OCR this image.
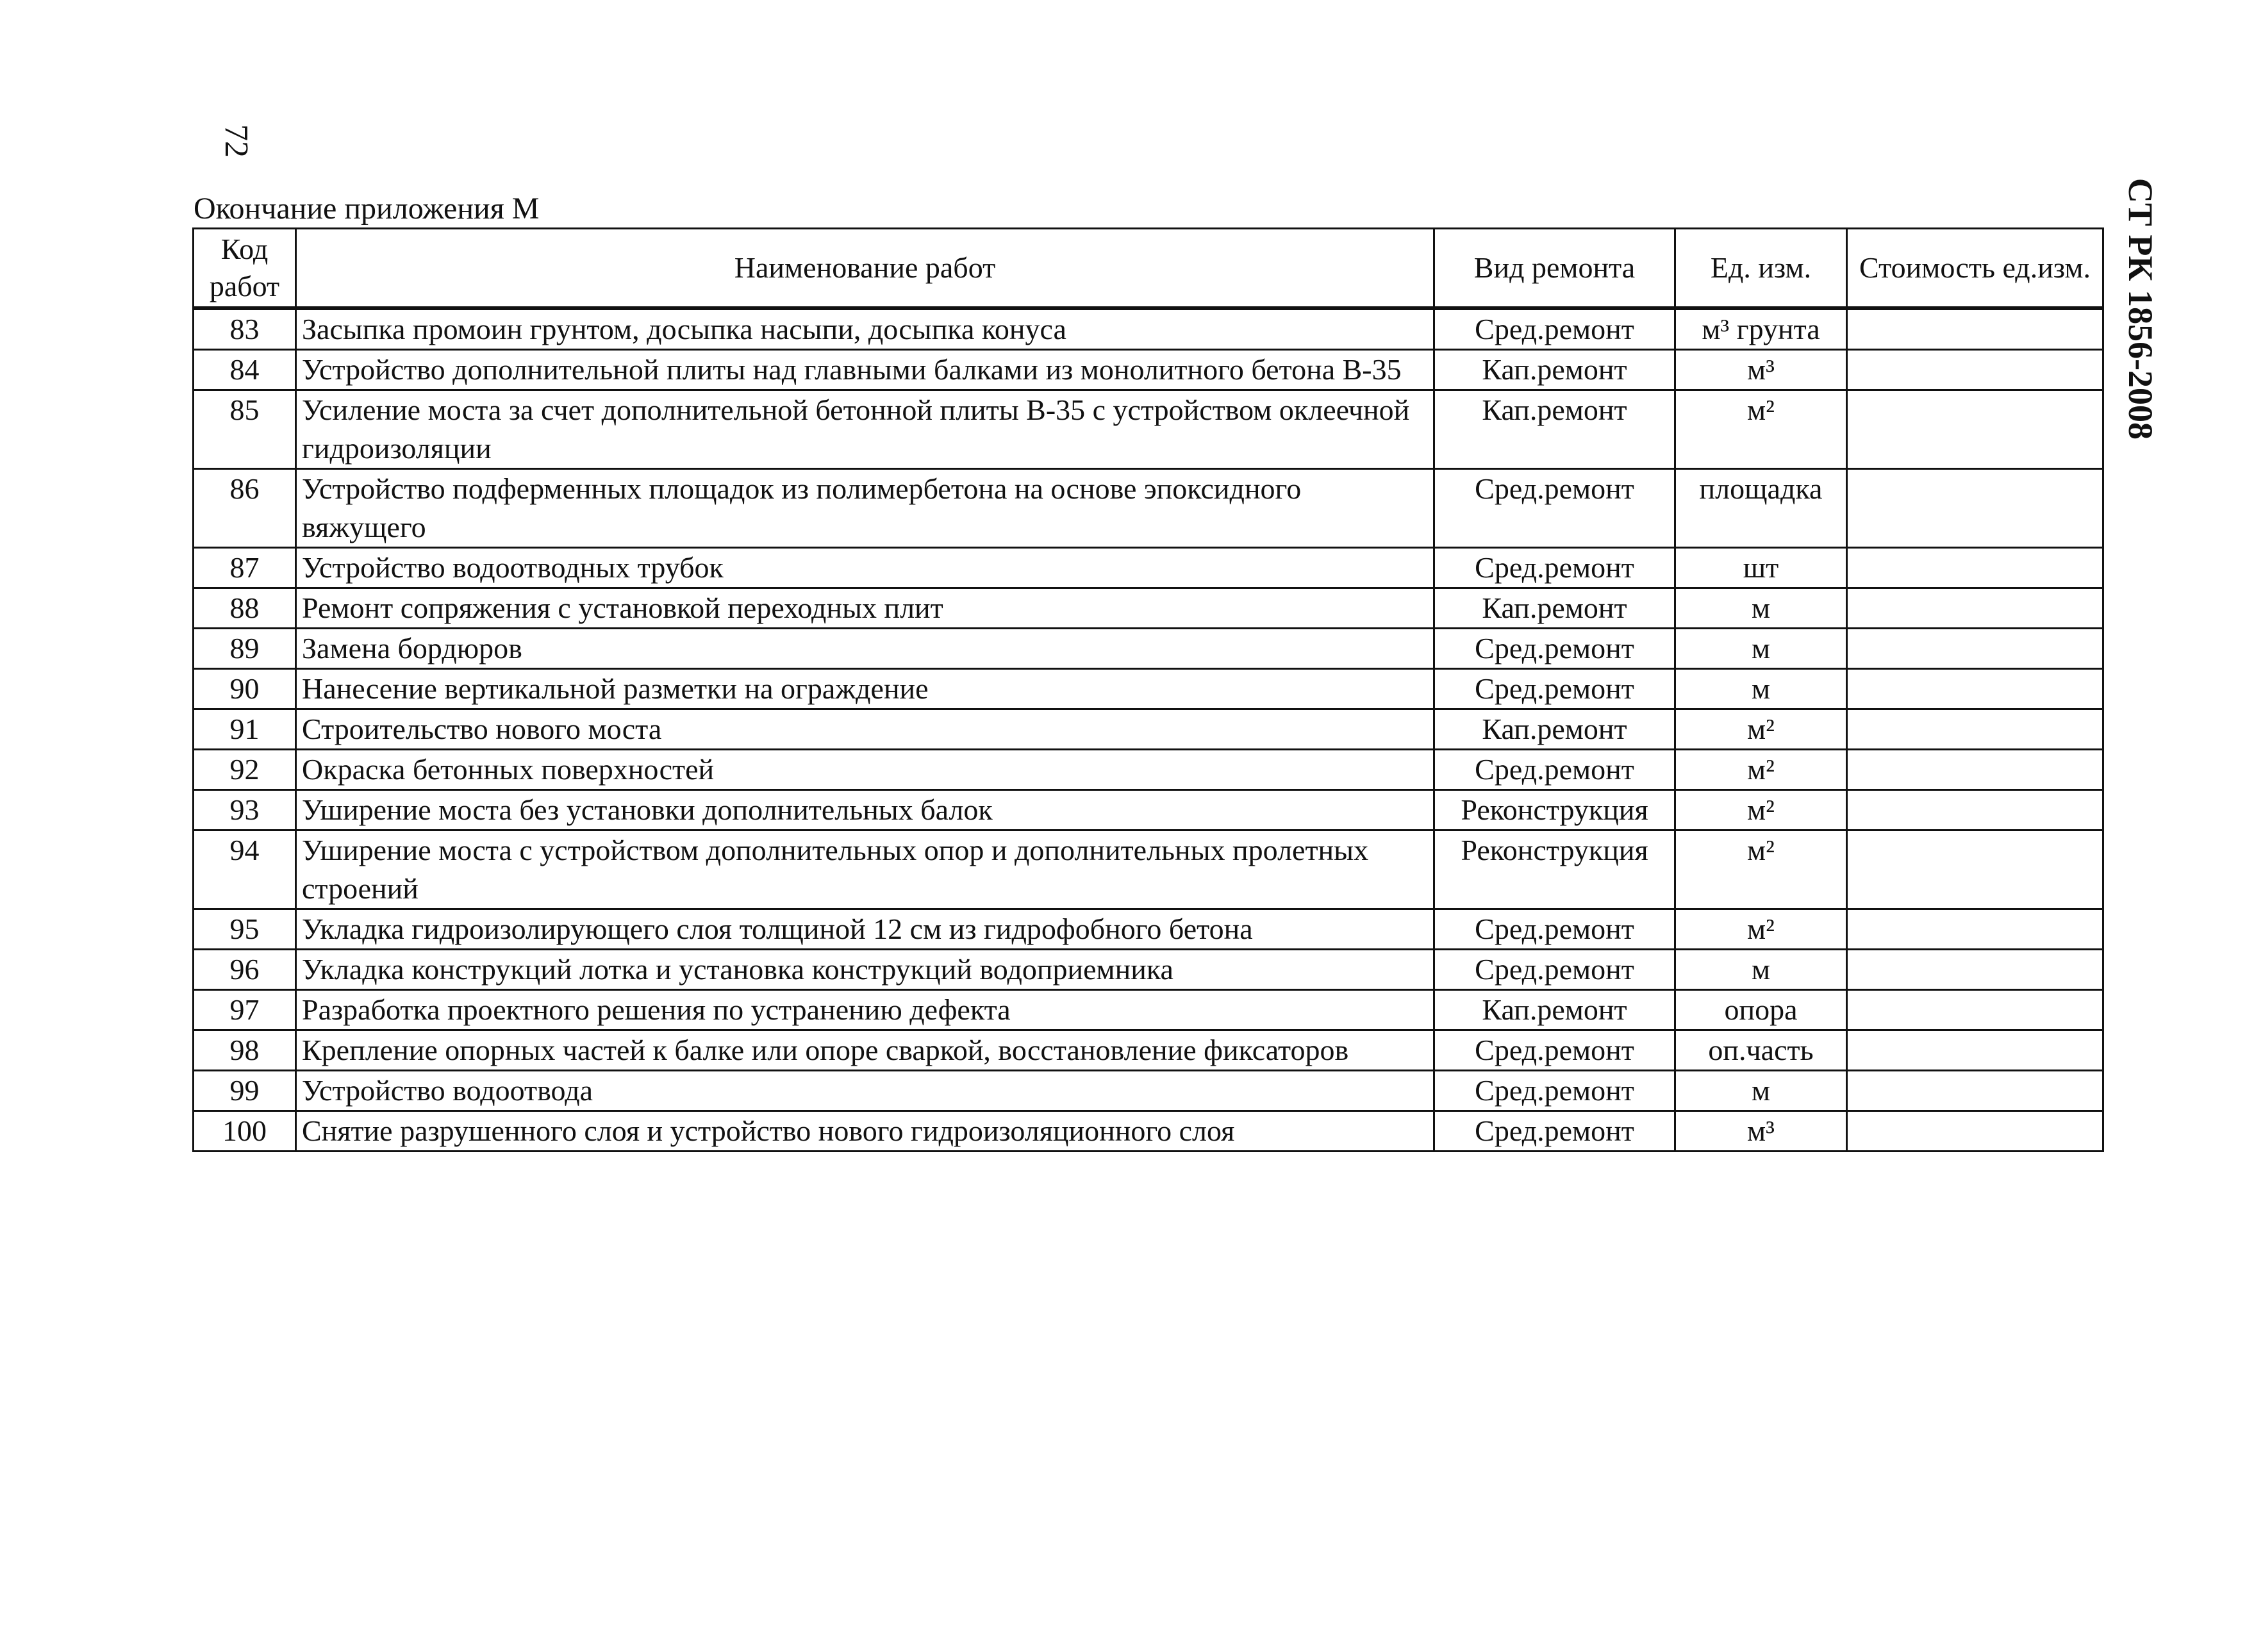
72
СТ РК 1856-2008
Окончание приложения М
Код работ	Наименование работ	Вид ремонта	Ед. изм.	Стоимость ед.изм.
83	Засыпка промоин грунтом, досыпка насыпи, досыпка конуса	Сред.ремонт	м³ грунта	
84	Устройство дополнительной плиты над главными балками из монолитного бетона В-35	Кап.ремонт	м³	
85	Усиление моста за счет дополнительной бетонной плиты В-35 с устройством оклеечной гидроизоляции	Кап.ремонт	м²	
86	Устройство подферменных площадок из полимербетона на основе эпоксидного вяжущего	Сред.ремонт	площадка	
87	Устройство водоотводных трубок	Сред.ремонт	шт	
88	Ремонт сопряжения с установкой переходных плит	Кап.ремонт	м	
89	Замена бордюров	Сред.ремонт	м	
90	Нанесение вертикальной разметки на ограждение	Сред.ремонт	м	
91	Строительство нового моста	Кап.ремонт	м²	
92	Окраска бетонных поверхностей	Сред.ремонт	м²	
93	Уширение моста без установки дополнительных балок	Реконструкция	м²	
94	Уширение моста с устройством дополнительных опор и дополнительных пролетных строений	Реконструкция	м²	
95	Укладка гидроизолирующего слоя толщиной 12 см из гидрофобного бетона	Сред.ремонт	м²	
96	Укладка конструкций лотка и установка конструкций водоприемника	Сред.ремонт	м	
97	Разработка проектного решения по устранению дефекта	Кап.ремонт	опора	
98	Крепление опорных частей к балке или опоре сваркой, восстановление фиксаторов	Сред.ремонт	оп.часть	
99	Устройство водоотвода	Сред.ремонт	м	
100	Снятие разрушенного слоя и устройство нового гидроизоляционного слоя	Сред.ремонт	м³	
